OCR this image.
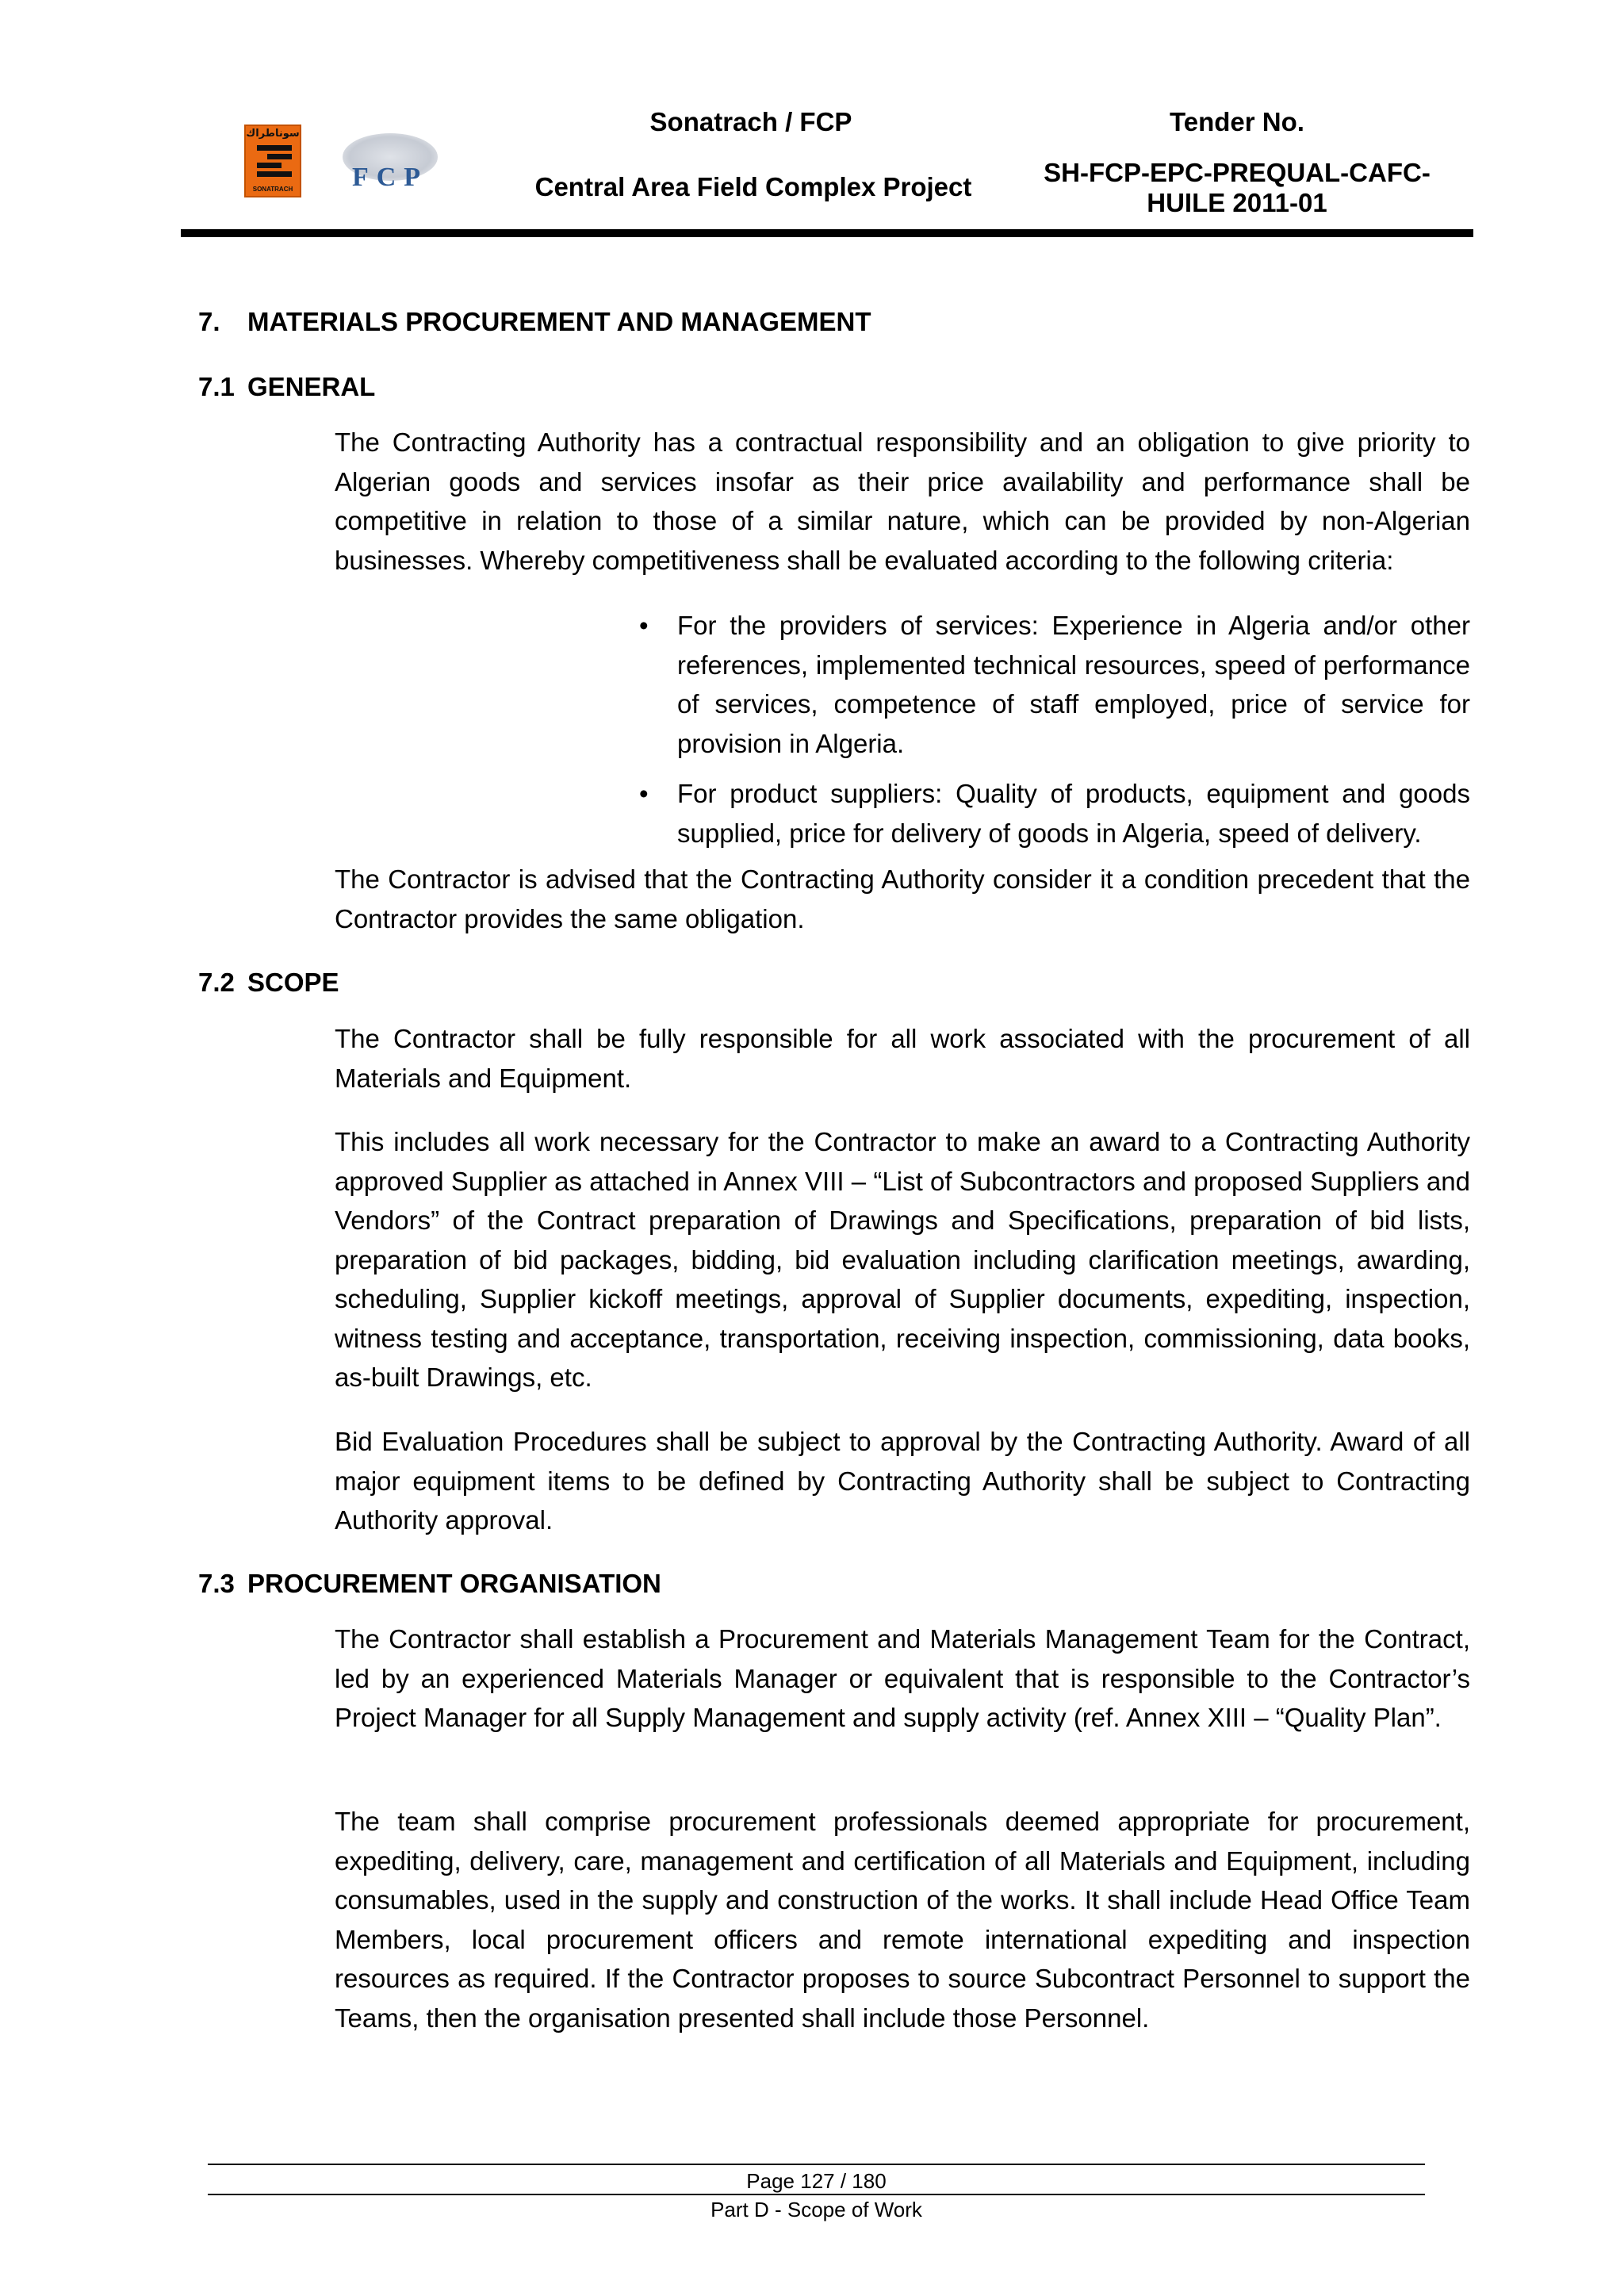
سوناطراك
SONATRACH	FCP
Sonatrach / FCP
Central Area Field Complex Project
Tender No.
SH-FCP-EPC-PREQUAL-CAFC-
HUILE 2011-01
7. MATERIALS PROCUREMENT AND MANAGEMENT
7.1 GENERAL
The Contracting Authority has a contractual responsibility and an obligation to give priority to Algerian goods and services insofar as their price availability and performance shall be competitive in relation to those of a similar nature, which can be provided by non-Algerian businesses. Whereby competitiveness shall be evaluated according to the following criteria:
• For the providers of services: Experience in Algeria and/or other references, implemented technical resources, speed of performance of services, competence of staff employed, price of service for provision in Algeria.
• For product suppliers: Quality of products, equipment and goods supplied, price for delivery of goods in Algeria, speed of delivery.
The Contractor is advised that the Contracting Authority consider it a condition precedent that the Contractor provides the same obligation.
7.2 SCOPE
The Contractor shall be fully responsible for all work associated with the procurement of all Materials and Equipment.
This includes all work necessary for the Contractor to make an award to a Contracting Authority approved Supplier as attached in Annex VIII – “List of Subcontractors and proposed Suppliers and Vendors” of the Contract preparation of Drawings and Specifications, preparation of bid lists, preparation of bid packages, bidding, bid evaluation including clarification meetings, awarding, scheduling, Supplier kickoff meetings, approval of Supplier documents, expediting, inspection, witness testing and acceptance, transportation, receiving inspection, commissioning, data books, as-built Drawings, etc.
Bid Evaluation Procedures shall be subject to approval by the Contracting Authority. Award of all major equipment items to be defined by Contracting Authority shall be subject to Contracting Authority approval.
7.3 PROCUREMENT ORGANISATION
The Contractor shall establish a Procurement and Materials Management Team for the Contract, led by an experienced Materials Manager or equivalent that is responsible to the Contractor’s Project Manager for all Supply Management and supply activity (ref. Annex XIII – “Quality Plan”.
The team shall comprise procurement professionals deemed appropriate for procurement, expediting, delivery, care, management and certification of all Materials and Equipment, including consumables, used in the supply and construction of the works. It shall include Head Office Team Members, local procurement officers and remote international expediting and inspection resources as required. If the Contractor proposes to source Subcontract Personnel to support the Teams, then the organisation presented shall include those Personnel.
Page 127 / 180
Part D - Scope of Work
